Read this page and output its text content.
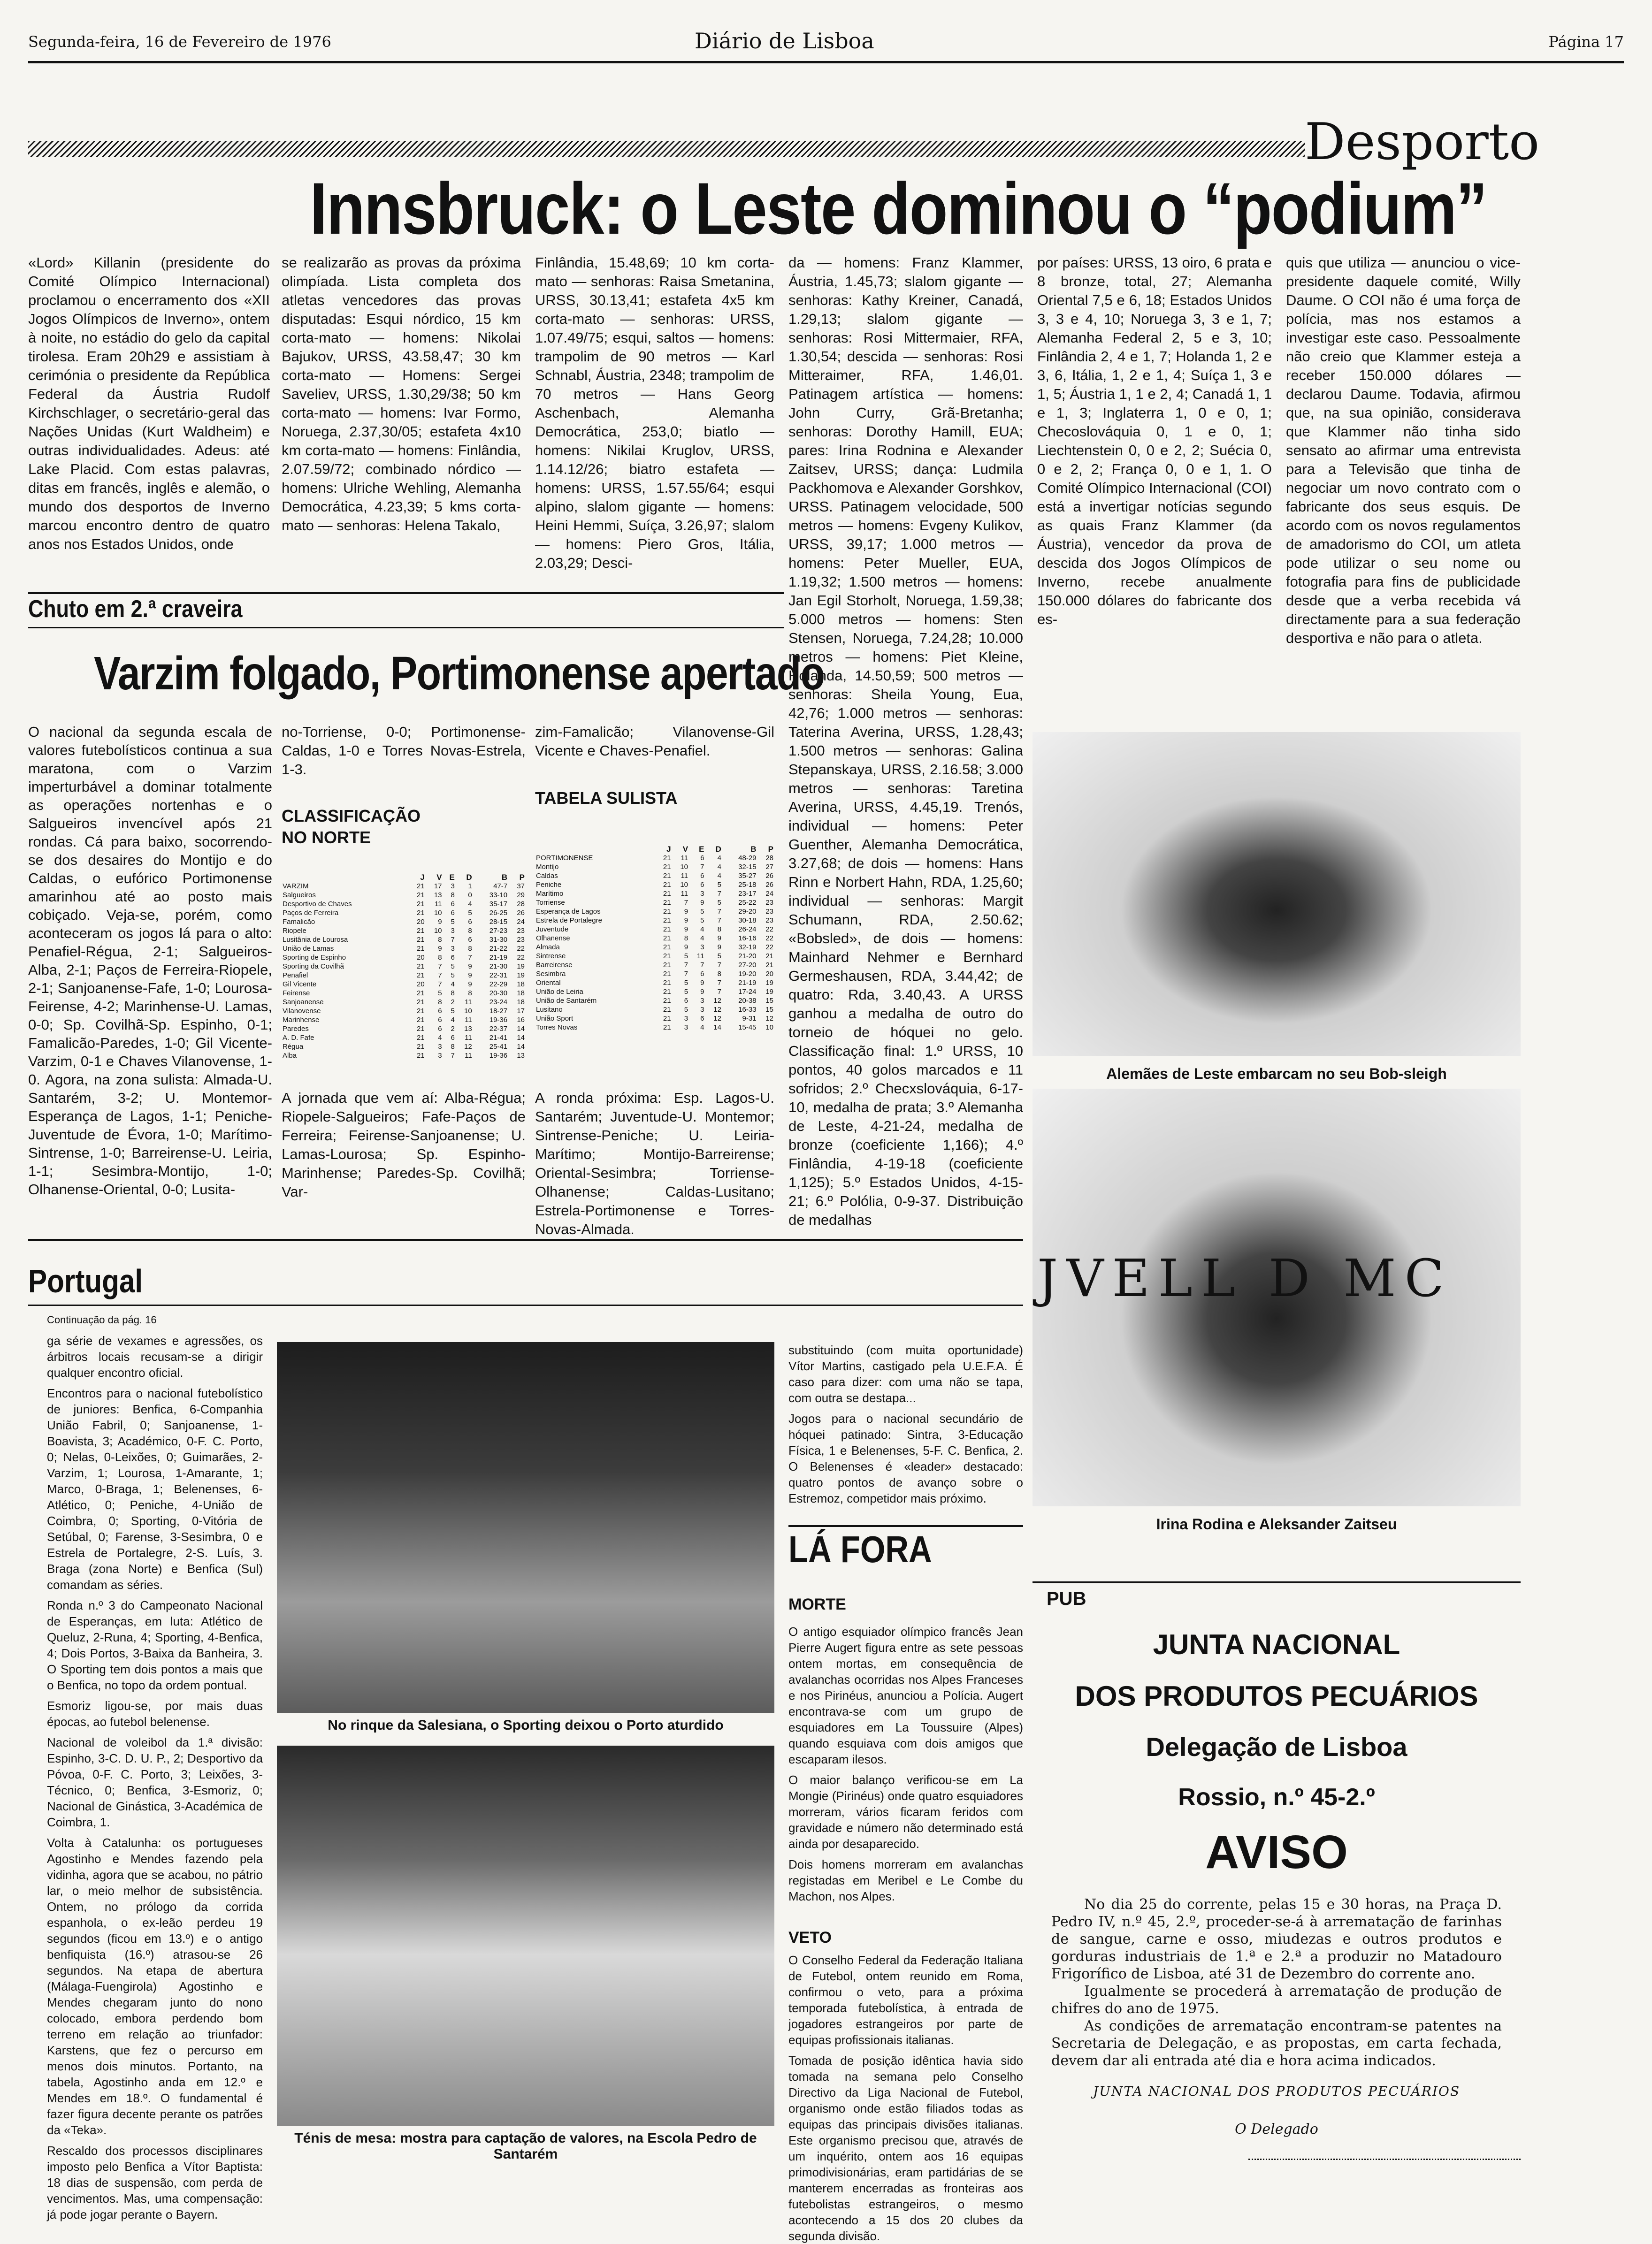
Segunda-feira, 16 de Fevereiro de 1976	Diário de Lisboa	Página 17
Desporto
Innsbruck: o Leste dominou o “podium”
«Lord» Killanin (presidente do Comité Olímpico Internacional) proclamou o encerramento dos «XII Jogos Olímpicos de Inverno», ontem à noite, no estádio do gelo da capital tirolesa. Eram 20h29 e assistiam à cerimónia o presidente da República Federal da Áustria Rudolf Kirchschlager, o secretário-geral das Nações Unidas (Kurt Waldheim) e outras individualidades. Adeus: até Lake Placid. Com estas palavras, ditas em francês, inglês e alemão, o mundo dos desportos de Inverno marcou encontro dentro de quatro anos nos Estados Unidos, onde
se realizarão as provas da próxima olimpíada. Lista completa dos atletas vencedores das provas disputadas: Esqui nórdico, 15 km corta-mato — homens: Nikolai Bajukov, URSS, 43.58,47; 30 km corta-mato — Homens: Sergei Saveliev, URSS, 1.30,29/38; 50 km corta-mato — homens: Ivar Formo, Noruega, 2.37,30/05; estafeta 4x10 km corta-mato — homens: Finlândia, 2.07.59/72; combinado nórdico — homens: Ulriche Wehling, Alemanha Democrática, 4.23,39; 5 kms corta-mato — senhoras: Helena Takalo,
Finlândia, 15.48,69; 10 km corta-mato — senhoras: Raisa Smetanina, URSS, 30.13,41; estafeta 4x5 km corta-mato — senhoras: URSS, 1.07.49/75; esqui, saltos — homens: trampolim de 90 metros — Karl Schnabl, Áustria, 2348; trampolim de 70 metros — Hans Georg Aschenbach, Alemanha Democrática, 253,0; biatlo — homens: Nikilai Kruglov, URSS, 1.14.12/26; biatro estafeta — homens: URSS, 1.57.55/64; esqui alpino, slalom gigante — homens: Heini Hemmi, Suíça, 3.26,97; slalom — homens: Piero Gros, Itália, 2.03,29; Desci-
da — homens: Franz Klammer, Áustria, 1.45,73; slalom gigante — senhoras: Kathy Kreiner, Canadá, 1.29,13; slalom gigante — senhoras: Rosi Mittermaier, RFA, 1.30,54; descida — senhoras: Rosi Mitteraimer, RFA, 1.46,01. Patinagem artística — homens: John Curry, Grã-Bretanha; senhoras: Dorothy Hamill, EUA; pares: Irina Rodnina e Alexander Zaitsev, URSS; dança: Ludmila Packhomova e Alexander Gorshkov, URSS. Patinagem velocidade, 500 metros — homens: Evgeny Kulikov, URSS, 39,17; 1.000 metros — homens: Peter Mueller, EUA, 1.19,32; 1.500 metros — homens: Jan Egil Storholt, Noruega, 1.59,38; 5.000 metros — homens: Sten Stensen, Noruega, 7.24,28; 10.000 metros — homens: Piet Kleine, Holanda, 14.50,59; 500 metros — senhoras: Sheila Young, Eua, 42,76; 1.000 metros — senhoras: Taterina Averina, URSS, 1.28,43; 1.500 metros — senhoras: Galina Stepanskaya, URSS, 2.16.58; 3.000 metros — senhoras: Taretina Averina, URSS, 4.45,19. Trenós, individual — homens: Peter Guenther, Alemanha Democrática, 3.27,68; de dois — homens: Hans Rinn e Norbert Hahn, RDA, 1.25,60; individual — senhoras: Margit Schumann, RDA, 2.50.62; «Bobsled», de dois — homens: Mainhard Nehmer e Bernhard Germeshausen, RDA, 3.44,42; de quatro: Rda, 3.40,43. A URSS ganhou a medalha de outro do torneio de hóquei no gelo. Classificação final: 1.º URSS, 10 pontos, 40 golos marcados e 11 sofridos; 2.º Checxslováquia, 6-17-10, medalha de prata; 3.º Alemanha de Leste, 4-21-24, medalha de bronze (coeficiente 1,166); 4.º Finlândia, 4-19-18 (coeficiente 1,125); 5.º Estados Unidos, 4-15-21; 6.º Polólia, 0-9-37. Distribuição de medalhas
por países: URSS, 13 oiro, 6 prata e 8 bronze, total, 27; Alemanha Oriental 7,5 e 6, 18; Estados Unidos 3, 3 e 4, 10; Noruega 3, 3 e 1, 7; Alemanha Federal 2, 5 e 3, 10; Finlândia 2, 4 e 1, 7; Holanda 1, 2 e 3, 6, Itália, 1, 2 e 1, 4; Suíça 1, 3 e 1, 5; Áustria 1, 1 e 2, 4; Canadá 1, 1 e 1, 3; Inglaterra 1, 0 e 0, 1; Checoslováquia 0, 1 e 0, 1; Liechtenstein 0, 0 e 2, 2; Suécia 0, 0 e 2, 2; França 0, 0 e 1, 1. O Comité Olímpico Internacional (COI) está a invertigar notícias segundo as quais Franz Klammer (da Áustria), vencedor da prova de descida dos Jogos Olímpicos de Inverno, recebe anualmente 150.000 dólares do fabricante dos es-
quis que utiliza — anunciou o vice-presidente daquele comité, Willy Daume. O COI não é uma força de polícia, mas nos estamos a investigar este caso. Pessoalmente não creio que Klammer esteja a receber 150.000 dólares — declarou Daume. Todavia, afirmou que, na sua opinião, considerava que Klammer não tinha sido sensato ao afirmar uma entrevista para a Televisão que tinha de negociar um novo contrato com o fabricante dos seus esquis. De acordo com os novos regulamentos de amadorismo do COI, um atleta pode utilizar o seu nome ou fotografia para fins de publicidade desde que a verba recebida vá directamente para a sua federação desportiva e não para o atleta.
Alemães de Leste embarcam no seu Bob-sleigh
JVELL D MC
Irina Rodina e Aleksander Zaitseu
Chuto em 2.ª craveira
Varzim folgado, Portimonense apertado
O nacional da segunda escala de valores futebolísticos continua a sua maratona, com o Varzim imperturbável a dominar totalmente as operações nortenhas e o Salgueiros invencível após 21 rondas. Cá para baixo, socorrendo-se dos desaires do Montijo e do Caldas, o eufórico Portimonense amarinhou até ao posto mais cobiçado. Veja-se, porém, como aconteceram os jogos lá para o alto: Penafiel-Régua, 2-1; Salgueiros-Alba, 2-1; Paços de Ferreira-Riopele, 2-1; Sanjoanense-Fafe, 1-0; Lourosa-Feirense, 4-2; Marinhense-U. Lamas, 0-0; Sp. Covilhã-Sp. Espinho, 0-1; Famalicão-Paredes, 1-0; Gil Vicente-Varzim, 0-1 e Chaves Vilanovense, 1-0. Agora, na zona sulista: Almada-U. Santarém, 3-2; U. Montemor-Esperança de Lagos, 1-1; Peniche-Juventude de Évora, 1-0; Marítimo-Sintrense, 1-0; Barreirense-U. Leiria, 1-1; Sesimbra-Montijo, 1-0; Olhanense-Oriental, 0-0; Lusita-
no-Torriense, 0-0; Portimonense-Caldas, 1-0 e Torres Novas-Estrela, 1-3.
zim-Famalicão; Vilanovense-Gil Vicente e Chaves-Penafiel.
CLASSIFICAÇÃO
NO NORTE
TABELA SULISTA
	J	V	E	D	B	P
VARZIM	21	17	3	1	47-7	37
Salgueiros	21	13	8	0	33-10	29
Desportivo de Chaves	21	11	6	4	35-17	28
Paços de Ferreira	21	10	6	5	26-25	26
Famalicão	20	9	5	6	28-15	24
Riopele	21	10	3	8	27-23	23
Lusitânia de Lourosa	21	8	7	6	31-30	23
União de Lamas	21	9	3	8	21-22	22
Sporting de Espinho	20	8	6	7	21-19	22
Sporting da Covilhã	21	7	5	9	21-30	19
Penafiel	21	7	5	9	22-31	19
Gil Vicente	20	7	4	9	22-29	18
Feirense	21	5	8	8	20-30	18
Sanjoanense	21	8	2	11	23-24	18
Vilanovense	21	6	5	10	18-27	17
Marinhense	21	6	4	11	19-36	16
Paredes	21	6	2	13	22-37	14
A. D. Fafe	21	4	6	11	21-41	14
Régua	21	3	8	12	25-41	14
Alba	21	3	7	11	19-36	13
	J	V	E	D	B	P
PORTIMONENSE	21	11	6	4	48-29	28
Montijo	21	10	7	4	32-15	27
Caldas	21	11	6	4	35-27	26
Peniche	21	10	6	5	25-18	26
Marítimo	21	11	3	7	23-17	24
Torriense	21	7	9	5	25-22	23
Esperança de Lagos	21	9	5	7	29-20	23
Estrela de Portalegre	21	9	5	7	30-18	23
Juventude	21	9	4	8	26-24	22
Olhanense	21	8	4	9	16-16	22
Almada	21	9	3	9	32-19	22
Sintrense	21	5	11	5	21-20	21
Barreirense	21	7	7	7	27-20	21
Sesimbra	21	7	6	8	19-20	20
Oriental	21	5	9	7	21-19	19
União de Leiria	21	5	9	7	17-24	19
União de Santarém	21	6	3	12	20-38	15
Lusitano	21	5	3	12	16-33	15
União Sport	21	3	6	12	9-31	12
Torres Novas	21	3	4	14	15-45	10
A jornada que vem aí: Alba-Régua; Riopele-Salgueiros; Fafe-Paços de Ferreira; Feirense-Sanjoanense; U. Lamas-Lourosa; Sp. Espinho-Marinhense; Paredes-Sp. Covilhã; Var-
A ronda próxima: Esp. Lagos-U. Santarém; Juventude-U. Montemor; Sintrense-Peniche; U. Leiria-Marítimo; Montijo-Barreirense; Oriental-Sesimbra; Torriense-Olhanense; Caldas-Lusitano; Estrela-Portimonense e Torres-Novas-Almada.
Portugal
Continuação da pág. 16

ga série de vexames e agressões, os árbitros locais recusam-se a dirigir qualquer encontro oficial.

Encontros para o nacional futebolístico de juniores: Benfica, 6-Companhia União Fabril, 0; Sanjoanense, 1-Boavista, 3; Académico, 0-F. C. Porto, 0; Nelas, 0-Leixões, 0; Guimarães, 2-Varzim, 1; Lourosa, 1-Amarante, 1; Marco, 0-Braga, 1; Belenenses, 6-Atlético, 0; Peniche, 4-União de Coimbra, 0; Sporting, 0-Vitória de Setúbal, 0; Farense, 3-Sesimbra, 0 e Estrela de Portalegre, 2-S. Luís, 3. Braga (zona Norte) e Benfica (Sul) comandam as séries.

Ronda n.º 3 do Campeonato Nacional de Esperanças, em luta: Atlético de Queluz, 2-Runa, 4; Sporting, 4-Benfica, 4; Dois Portos, 3-Baixa da Banheira, 3. O Sporting tem dois pontos a mais que o Benfica, no topo da ordem pontual.

Esmoriz ligou-se, por mais duas épocas, ao futebol belenense.

Nacional de voleibol da 1.ª divisão: Espinho, 3-C. D. U. P., 2; Desportivo da Póvoa, 0-F. C. Porto, 3; Leixões, 3-Técnico, 0; Benfica, 3-Esmoriz, 0; Nacional de Ginástica, 3-Académica de Coimbra, 1.

Volta à Catalunha: os portugueses Agostinho e Mendes fazendo pela vidinha, agora que se acabou, no pátrio lar, o meio melhor de subsistência. Ontem, no prólogo da corrida espanhola, o ex-leão perdeu 19 segundos (ficou em 13.º) e o antigo benfiquista (16.º) atrasou-se 26 segundos. Na etapa de abertura (Málaga-Fuengirola) Agostinho e Mendes chegaram junto do nono colocado, embora perdendo bom terreno em relação ao triunfador: Karstens, que fez o percurso em menos dois minutos. Portanto, na tabela, Agostinho anda em 12.º e Mendes em 18.º. O fundamental é fazer figura decente perante os patrões da «Teka».

Rescaldo dos processos disciplinares imposto pelo Benfica a Vítor Baptista: 18 dias de suspensão, com perda de vencimentos. Mas, uma compensação: já pode jogar perante o Bayern.

No rinque da Salesiana, o Sporting deixou o Porto aturdido
Ténis de mesa: mostra para captação de valores, na Escola Pedro de Santarém

substituindo (com muita oportunidade) Vítor Martins, castigado pela U.E.F.A. É caso para dizer: com uma não se tapa, com outra se destapa...

Jogos para o nacional secundário de hóquei patinado: Sintra, 3-Educação Física, 1 e Belenenses, 5-F. C. Benfica, 2. O Belenenses é «leader» destacado: quatro pontos de avanço sobre o Estremoz, competidor mais próximo.

LÁ FORA
MORTE

O antigo esquiador olímpico francês Jean Pierre Augert figura entre as sete pessoas ontem mortas, em consequência de avalanchas ocorridas nos Alpes Franceses e nos Pirinéus, anunciou a Polícia. Augert encontrava-se com um grupo de esquiadores em La Toussuire (Alpes) quando esquiava com dois amigos que escaparam ilesos.

O maior balanço verificou-se em La Mongie (Pirinéus) onde quatro esquiadores morreram, vários ficaram feridos com gravidade e número não determinado está ainda por desaparecido.

Dois homens morreram em avalanchas registadas em Meribel e Le Combe du Machon, nos Alpes.

VETO

O Conselho Federal da Federação Italiana de Futebol, ontem reunido em Roma, confirmou o veto, para a próxima temporada futebolística, à entrada de jogadores estrangeiros por parte de equipas profissionais italianas.

Tomada de posição idêntica havia sido tomada na semana pelo Conselho Directivo da Liga Nacional de Futebol, organismo onde estão filiados todas as equipas das principais divisões italianas. Este organismo precisou que, através de um inquérito, ontem aos 16 equipas primodivisionárias, eram partidárias de se manterem encerradas as fronteiras aos futebolistas estrangeiros, o mesmo acontecendo a 15 dos 20 clubes da segunda divisão.

PUB
JUNTA NACIONAL
DOS PRODUTOS PECUÁRIOS
Delegação de Lisboa
Rossio, n.º 45-2.º
AVISO

No dia 25 do corrente, pelas 15 e 30 horas, na Praça D. Pedro IV, n.º 45, 2.º, proceder-se-á à arrematação de farinhas de sangue, carne e osso, miudezas e outros produtos e gorduras industriais de 1.ª e 2.ª a produzir no Matadouro Frigorífico de Lisboa, até 31 de Dezembro do corrente ano.

Igualmente se procederá à arrematação de produção de chifres do ano de 1975.

As condições de arrematação encontram-se patentes na Secretaria de Delegação, e as propostas, em carta fechada, devem dar ali entrada até dia e hora acima indicados.

JUNTA NACIONAL DOS PRODUTOS PECUÁRIOS
O Delegado
